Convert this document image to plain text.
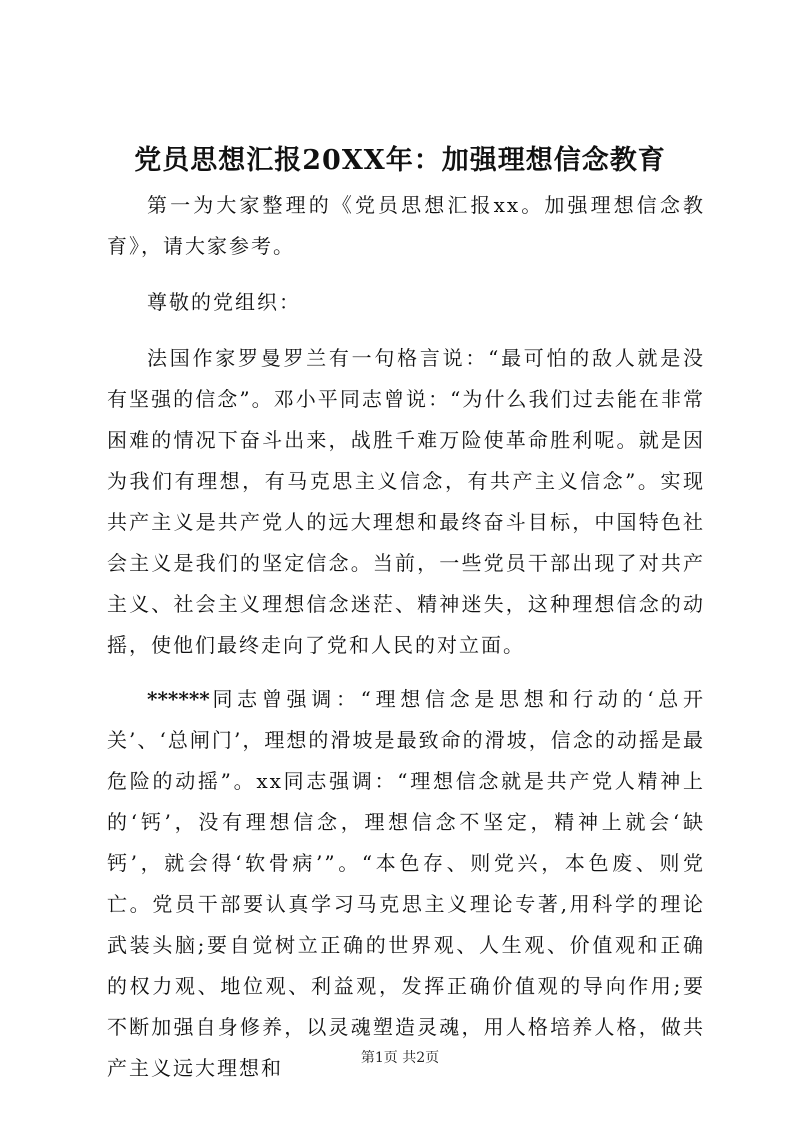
党员思想汇报20XX年：加强理想信念教育

第一为大家整理的《党员思想汇报xx。加强理想信念教育》，请大家参考。

尊敬的党组织：

法国作家罗曼罗兰有一句格言说：“最可怕的敌人就是没有坚强的信念”。邓小平同志曾说：“为什么我们过去能在非常困难的情况下奋斗出来，战胜千难万险使革命胜利呢。就是因为我们有理想，有马克思主义信念，有共产主义信念”。实现共产主义是共产党人的远大理想和最终奋斗目标，中国特色社会主义是我们的坚定信念。当前，一些党员干部出现了对共产主义、社会主义理想信念迷茫、精神迷失，这种理想信念的动摇，使他们最终走向了党和人民的对立面。

******同志曾强调：“理想信念是思想和行动的‘总开关’、‘总闸门’，理想的滑坡是最致命的滑坡，信念的动摇是最危险的动摇”。xx同志强调：“理想信念就是共产党人精神上的‘钙’，没有理想信念，理想信念不坚定，精神上就会‘缺钙’，就会得‘软骨病’”。“本色存、则党兴，本色废、则党亡。党员干部要认真学习马克思主义理论专著,用科学的理论武装头脑;要自觉树立正确的世界观、人生观、价值观和正确的权力观、地位观、利益观，发挥正确价值观的导向作用;要不断加强自身修养，以灵魂塑造灵魂，用人格培养人格，做共产主义远大理想和	第1页 共2页
